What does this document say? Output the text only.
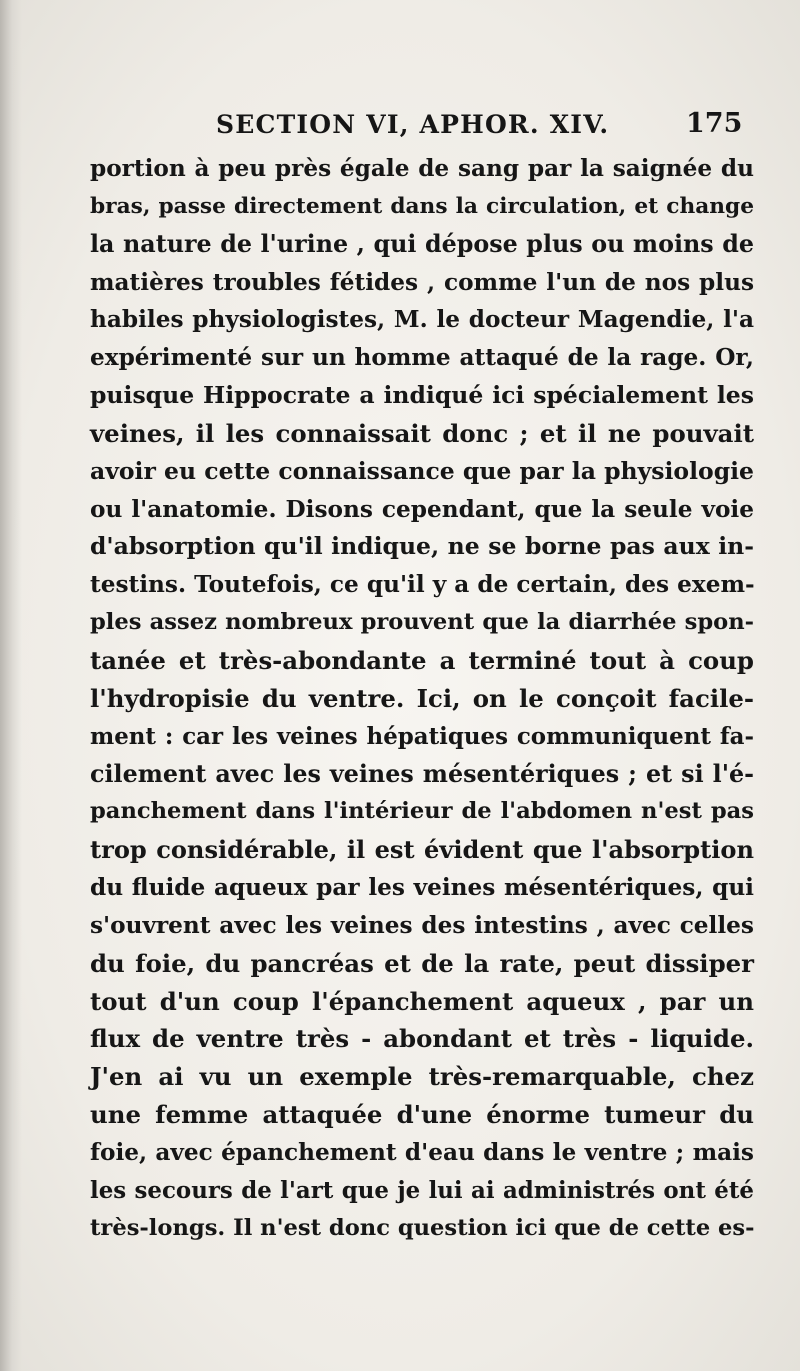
SECTION VI, APHOR. XIV.	175
portion à peu près égale de sang par la saignée du
bras, passe directement dans la circulation, et change
la nature de l'urine , qui dépose plus ou moins de
matières troubles fétides , comme l'un de nos plus
habiles physiologistes, M. le docteur Magendie, l'a
expérimenté sur un homme attaqué de la rage. Or,
puisque Hippocrate a indiqué ici spécialement les
veines, il les connaissait donc ; et il ne pouvait
avoir eu cette connaissance que par la physiologie
ou l'anatomie. Disons cependant, que la seule voie
d'absorption qu'il indique, ne se borne pas aux in-
testins. Toutefois, ce qu'il y a de certain, des exem-
ples assez nombreux prouvent que la diarrhée spon-
tanée et très-abondante a terminé tout à coup
l'hydropisie du ventre. Ici, on le conçoit facile-
ment : car les veines hépatiques communiquent fa-
cilement avec les veines mésentériques ; et si l'é-
panchement dans l'intérieur de l'abdomen n'est pas
trop considérable, il est évident que l'absorption
du fluide aqueux par les veines mésentériques, qui
s'ouvrent avec les veines des intestins , avec celles
du foie, du pancréas et de la rate, peut dissiper
tout d'un coup l'épanchement aqueux , par un
flux de ventre très - abondant et très - liquide.
J'en ai vu un exemple très-remarquable, chez
une femme attaquée d'une énorme tumeur du
foie, avec épanchement d'eau dans le ventre ; mais
les secours de l'art que je lui ai administrés ont été
très-longs. Il n'est donc question ici que de cette es-
